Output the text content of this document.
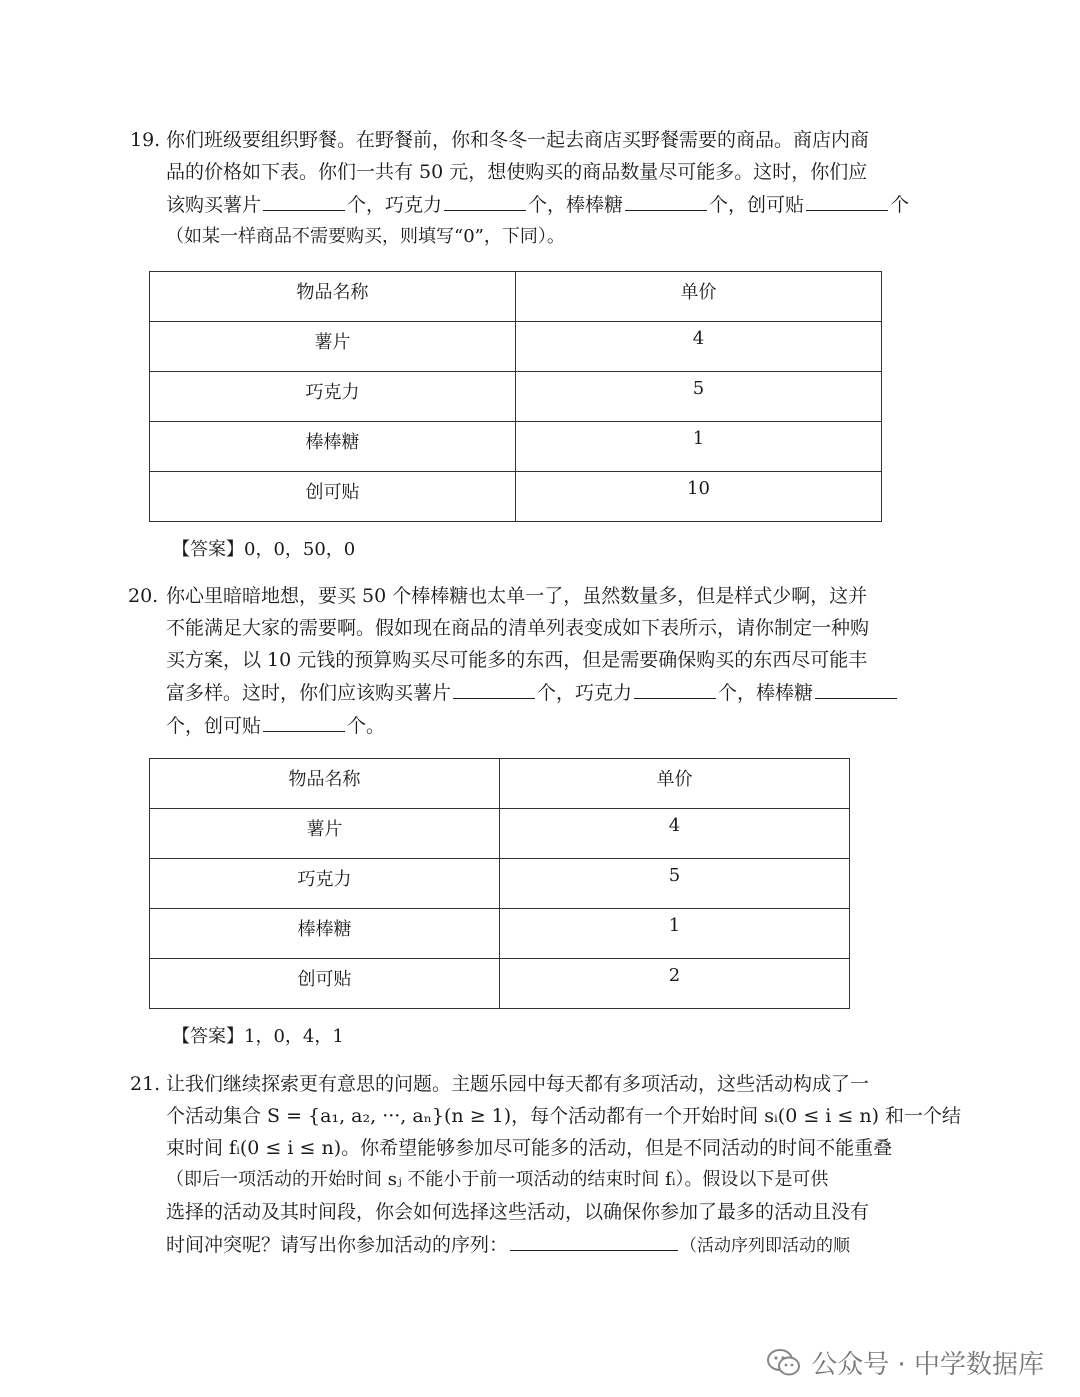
19. 你们班级要组织野餐。在野餐前，你和冬冬一起去商店买野餐需要的商品。商店内商
品的价格如下表。你们一共有 50 元，想使购买的商品数量尽可能多。这时，你们应
该购买薯片	个，巧克力	个，棒棒糖	个，创可贴	个
（如某一样商品不需要购买，则填写“0”，下同）。
物品名称	单价
薯片	4
巧克力	5
棒棒糖	1
创可贴	10
【答案】0，0，50，0
20. 你心里暗暗地想，要买 50 个棒棒糖也太单一了，虽然数量多，但是样式少啊，这并
不能满足大家的需要啊。假如现在商品的清单列表变成如下表所示，请你制定一种购
买方案，以 10 元钱的预算购买尽可能多的东西，但是需要确保购买的东西尽可能丰
富多样。这时，你们应该购买薯片	个，巧克力	个，棒棒糖
个，创可贴	个。
物品名称	单价
薯片	4
巧克力	5
棒棒糖	1
创可贴	2
【答案】1，0，4，1
21. 让我们继续探索更有意思的问题。主题乐园中每天都有多项活动，这些活动构成了一
个活动集合 S = {a₁, a₂, ···, aₙ}(n ≥ 1)，每个活动都有一个开始时间 sᵢ(0 ≤ i ≤ n) 和一个结
束时间 fᵢ(0 ≤ i ≤ n)。你希望能够参加尽可能多的活动，但是不同活动的时间不能重叠
（即后一项活动的开始时间 sⱼ 不能小于前一项活动的结束时间 fᵢ）。假设以下是可供
选择的活动及其时间段，你会如何选择这些活动，以确保你参加了最多的活动且没有
时间冲突呢？请写出你参加活动的序列：	（活动序列即活动的顺
公众号 · 中学数据库
